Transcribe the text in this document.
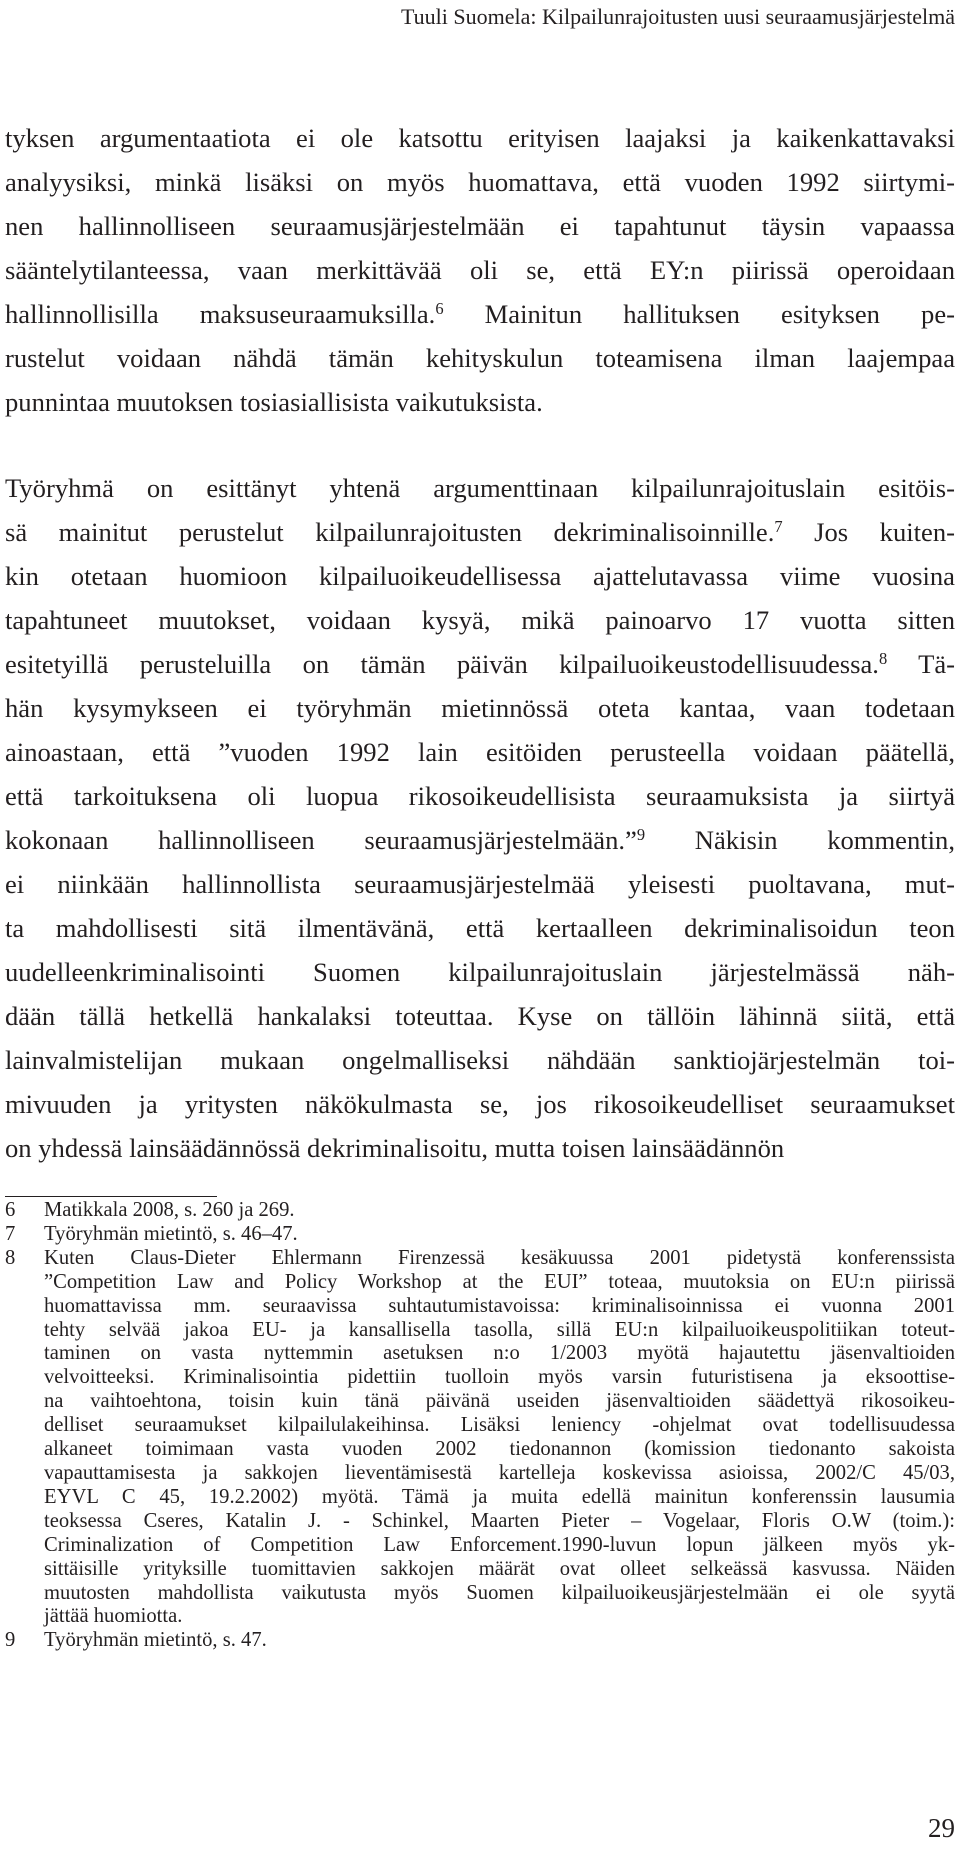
Tuuli Suomela: Kilpailunrajoitusten uusi seuraamusjärjestelmä
tyksen argumentaatiota ei ole katsottu erityisen laajaksi ja kaikenkattavaksi
analyysiksi, minkä lisäksi on myös huomattava, että vuoden 1992 siirtymi-
nen hallinnolliseen seuraamusjärjestelmään ei tapahtunut täysin vapaassa
sääntelytilanteessa, vaan merkittävää oli se, että EY:n piirissä operoidaan
hallinnollisilla maksuseuraamuksilla.$^6$ Mainitun hallituksen esityksen pe-
rustelut voidaan nähdä tämän kehityskulun toteamisena ilman laajempaa
punnintaa muutoksen tosiasiallisista vaikutuksista.
Työryhmä on esittänyt yhtenä argumenttinaan kilpailunrajoituslain esitöis-
sä mainitut perustelut kilpailunrajoitusten dekriminalisoinnille.$^7$ Jos kuiten-
kin otetaan huomioon kilpailuoikeudellisessa ajattelutavassa viime vuosina
tapahtuneet muutokset, voidaan kysyä, mikä painoarvo 17 vuotta sitten
esitetyillä perusteluilla on tämän päivän kilpailuoikeustodellisuudessa.$^8$ Tä-
hän kysymykseen ei työryhmän mietinnössä oteta kantaa, vaan todetaan
ainoastaan, että ”vuoden 1992 lain esitöiden perusteella voidaan päätellä,
että tarkoituksena oli luopua rikosoikeudellisista seuraamuksista ja siirtyä
kokonaan hallinnolliseen seuraamusjärjestelmään.”$^9$ Näkisin kommentin,
ei niinkään hallinnollista seuraamusjärjestelmää yleisesti puoltavana, mut-
ta mahdollisesti sitä ilmentävänä, että kertaalleen dekriminalisoidun teon
uudelleenkriminalisointi Suomen kilpailunrajoituslain järjestelmässä näh-
dään tällä hetkellä hankalaksi toteuttaa. Kyse on tällöin lähinnä siitä, että
lainvalmistelijan mukaan ongelmalliseksi nähdään sanktiojärjestelmän toi-
mivuuden ja yritysten näkökulmasta se, jos rikosoikeudelliset seuraamukset
on yhdessä lainsäädännössä dekriminalisoitu, mutta toisen lainsäädännön
6 Matikkala 2008, s. 260 ja 269.
7 Työryhmän mietintö, s. 46–47.
8 Kuten Claus-Dieter Ehlermann Firenzessä kesäkuussa 2001 pidetystä konferenssista
”Competition Law and Policy Workshop at the EUI” toteaa, muutoksia on EU:n piirissä
huomattavissa mm. seuraavissa suhtautumistavoissa: kriminalisoinnissa ei vuonna 2001
tehty selvää jakoa EU- ja kansallisella tasolla, sillä EU:n kilpailuoikeuspolitiikan toteut-
taminen on vasta nyttemmin asetuksen n:o 1/2003 myötä hajautettu jäsenvaltioiden
velvoitteeksi. Kriminalisointia pidettiin tuolloin myös varsin futuristisena ja eksoottise-
na vaihtoehtona, toisin kuin tänä päivänä useiden jäsenvaltioiden säädettyä rikosoikeu-
delliset seuraamukset kilpailulakeihinsa. Lisäksi leniency -ohjelmat ovat todellisuudessa
alkaneet toimimaan vasta vuoden 2002 tiedonannon (komission tiedonanto sakoista
vapauttamisesta ja sakkojen lieventämisestä kartelleja koskevissa asioissa, 2002/C 45/03,
EYVL C 45, 19.2.2002) myötä. Tämä ja muita edellä mainitun konferenssin lausumia
teoksessa Cseres, Katalin J. - Schinkel, Maarten Pieter – Vogelaar, Floris O.W (toim.):
Criminalization of Competition Law Enforcement.1990-luvun lopun jälkeen myös yk-
sittäisille yrityksille tuomittavien sakkojen määrät ovat olleet selkeässä kasvussa. Näiden
muutosten mahdollista vaikutusta myös Suomen kilpailuoikeusjärjestelmään ei ole syytä
jättää huomiotta.
9 Työryhmän mietintö, s. 47.
29
